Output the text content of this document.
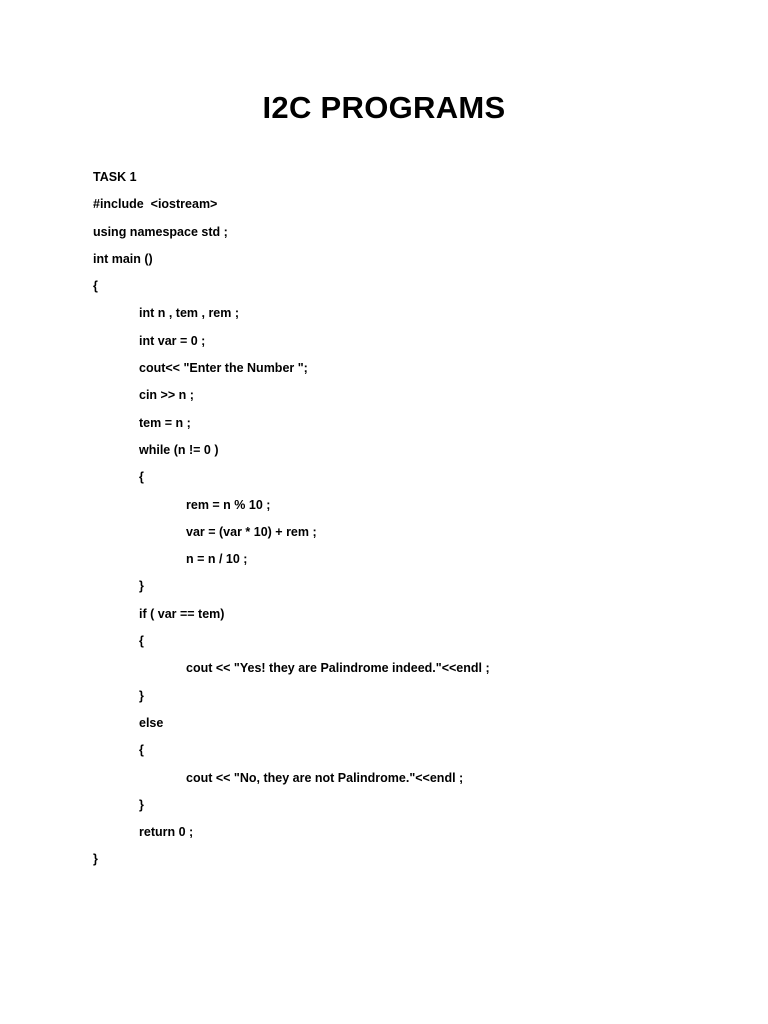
I2C PROGRAMS
TASK 1
#include  <iostream>
using namespace std ;
int main ()
{
int n , tem , rem ;
int var = 0 ;
cout<< "Enter the Number ";
cin >> n ;
tem = n ;
while (n != 0 )
{
rem = n % 10 ;
var = (var * 10) + rem ;
n = n / 10 ;
}
if ( var == tem)
{
cout << "Yes! they are Palindrome indeed."<<endl ;
}
else
{
cout << "No, they are not Palindrome."<<endl ;
}
return 0 ;
}
